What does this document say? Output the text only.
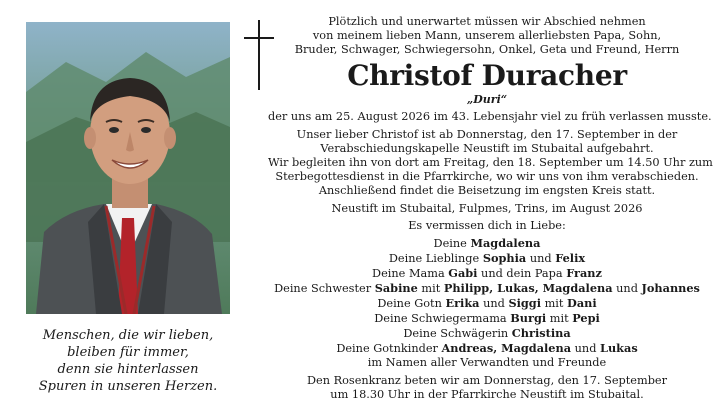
Menschen, die wir lieben,
bleiben für immer,
denn sie hinterlassen
Spuren in unseren Herzen.
Plötzlich und unerwartet müssen wir Abschied nehmen
von meinem lieben Mann, unserem allerliebsten Papa, Sohn,
Bruder, Schwager, Schwiegersohn, Onkel, Geta und Freund, Herrn
Christof Duracher
„Duri“
der uns am 25. August 2026 im 43. Lebensjahr viel zu früh verlassen musste.
Unser lieber Christof ist ab Donnerstag, den 17. September in der
Verabschiedungskapelle Neustift im Stubaital aufgebahrt.
Wir begleiten ihn von dort am Freitag, den 18. September um 14.50 Uhr zum
Sterbegottesdienst in die Pfarrkirche, wo wir uns von ihm verabschieden.
Anschließend findet die Beisetzung im engsten Kreis statt.
Neustift im Stubaital, Fulpmes, Trins, im August 2026
Es vermissen dich in Liebe:
Deine Magdalena
Deine Lieblinge Sophia und Felix
Deine Mama Gabi und dein Papa Franz
Deine Schwester Sabine mit Philipp, Lukas, Magdalena und Johannes
Deine Gotn Erika und Siggi mit Dani
Deine Schwiegermama Burgi mit Pepi
Deine Schwägerin Christina
Deine Gotnkinder Andreas, Magdalena und Lukas
im Namen aller Verwandten und Freunde
Den Rosenkranz beten wir am Donnerstag, den 17. September
um 18.30 Uhr in der Pfarrkirche Neustift im Stubaital.
